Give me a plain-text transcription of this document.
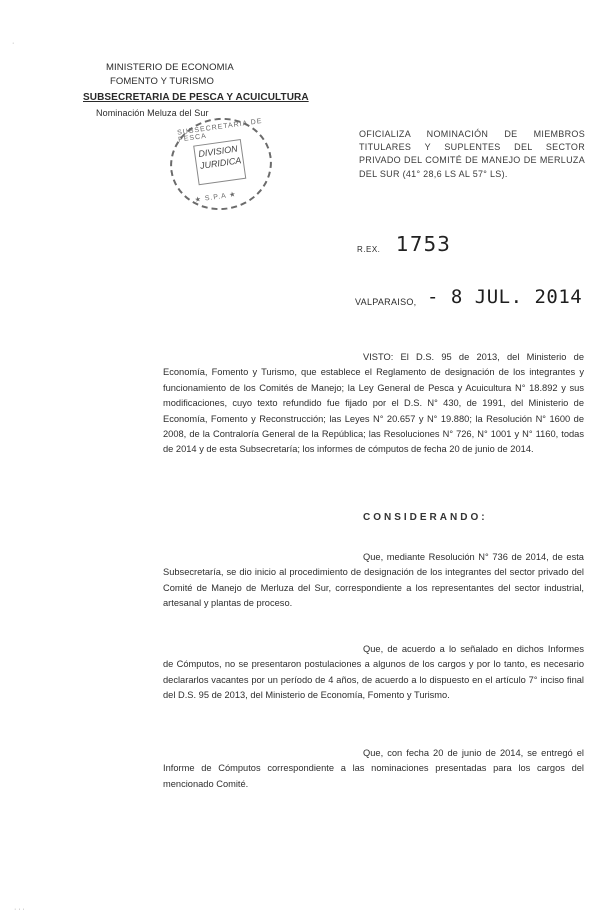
MINISTERIO DE ECONOMIA
FOMENTO Y TURISMO
SUBSECRETARIA DE PESCA Y ACUICULTURA
Nominación Meluza del Sur
SUBSECRETARIA DE PESCA
DIVISION
JURIDICA
★ S.P.A ★
OFICIALIZA NOMINACIÓN DE MIEMBROS TITULARES Y SUPLENTES DEL SECTOR PRIVADO DEL COMITÉ DE MANEJO DE MERLUZA DEL SUR (41° 28,6 LS AL 57° LS).
R.EX. 1753
VALPARAISO, - 8 JUL. 2014
VISTO: El D.S. 95 de 2013, del Ministerio de Economía, Fomento y Turismo, que establece el Reglamento de designación de los integrantes y funcionamiento de los Comités de Manejo; la Ley General de Pesca y Acuicultura N° 18.892 y sus modificaciones, cuyo texto refundido fue fijado por el D.S. N° 430, de 1991, del Ministerio de Economía, Fomento y Reconstrucción; las Leyes N° 20.657 y N° 19.880; la Resolución N° 1600 de 2008, de la Contraloría General de la República; las Resoluciones N° 726, N° 1001 y N° 1160, todas de 2014 y de esta Subsecretaría; los informes de cómputos de fecha 20 de junio de 2014.
CONSIDERANDO:
Que, mediante Resolución N° 736 de 2014, de esta Subsecretaría, se dio inicio al procedimiento de designación de los integrantes del sector privado del Comité de Manejo de Merluza del Sur, correspondiente a los representantes del sector industrial, artesanal y plantas de proceso.
Que, de acuerdo a lo señalado en dichos Informes de Cómputos, no se presentaron postulaciones a algunos de los cargos y por lo tanto, es necesario declararlos vacantes por un período de 4 años, de acuerdo a lo dispuesto en el artículo 7° inciso final del D.S. 95 de 2013, del Ministerio de Economía, Fomento y Turismo.
Que, con fecha 20 de junio de 2014, se entregó el Informe de Cómputos correspondiente a las nominaciones presentadas para los cargos del mencionado Comité.
·
· · ·
